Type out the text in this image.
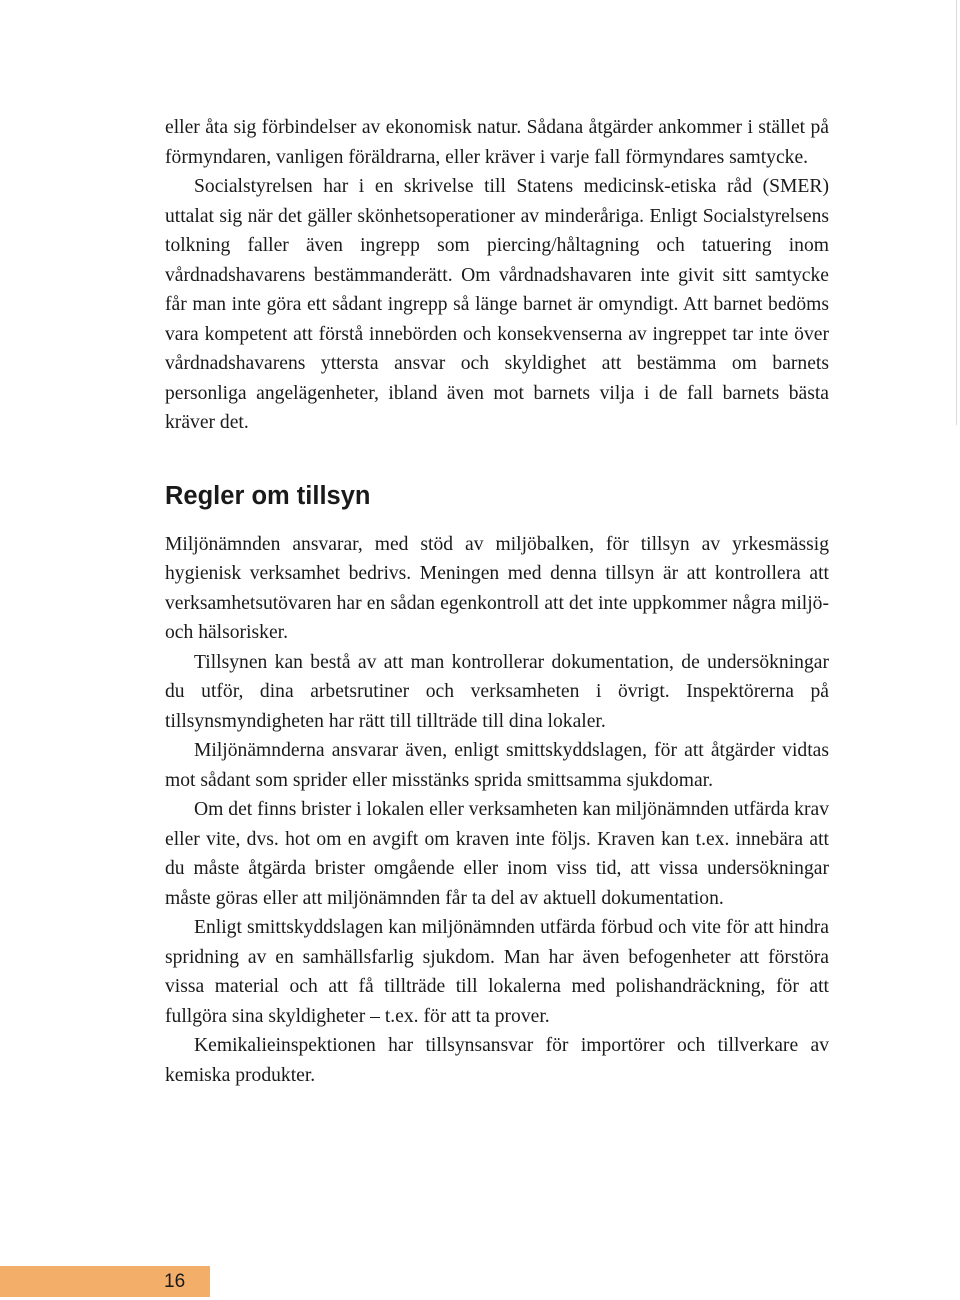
eller åta sig förbindelser av ekonomisk natur. Sådana åtgärder ankommer i stället på förmyndaren, vanligen föräldrarna, eller kräver i varje fall förmyndares samtycke.

Socialstyrelsen har i en skrivelse till Statens medicinsk-etiska råd (SMER) uttalat sig när det gäller skönhetsoperationer av minderåriga. Enligt Socialstyrelsens tolkning faller även ingrepp som piercing/håltagning och tatuering inom vårdnadshavarens bestämmanderätt. Om vårdnadshavaren inte givit sitt samtycke får man inte göra ett sådant ingrepp så länge barnet är omyndigt. Att barnet bedöms vara kompetent att förstå innebörden och konsekvenserna av ingreppet tar inte över vårdnadshavarens yttersta ansvar och skyldighet att bestämma om barnets personliga angelägenheter, ibland även mot barnets vilja i de fall barnets bästa kräver det.

Regler om tillsyn

Miljönämnden ansvarar, med stöd av miljöbalken, för tillsyn av yrkesmässig hygienisk verksamhet bedrivs. Meningen med denna tillsyn är att kontrollera att verksamhetsutövaren har en sådan egenkontroll att det inte uppkommer några miljö- och hälsorisker.

Tillsynen kan bestå av att man kontrollerar dokumentation, de undersökningar du utför, dina arbetsrutiner och verksamheten i övrigt. Inspektörerna på tillsynsmyndigheten har rätt till tillträde till dina lokaler.

Miljönämnderna ansvarar även, enligt smittskyddslagen, för att åtgärder vidtas mot sådant som sprider eller misstänks sprida smittsamma sjukdomar.

Om det finns brister i lokalen eller verksamheten kan miljönämnden utfärda krav eller vite, dvs. hot om en avgift om kraven inte följs. Kraven kan t.ex. innebära att du måste åtgärda brister omgående eller inom viss tid, att vissa undersökningar måste göras eller att miljönämnden får ta del av aktuell dokumentation.

Enligt smittskyddslagen kan miljönämnden utfärda förbud och vite för att hindra spridning av en samhällsfarlig sjukdom. Man har även befogenheter att förstöra vissa material och att få tillträde till lokalerna med polishandräckning, för att fullgöra sina skyldigheter – t.ex. för att ta prover.

Kemikalieinspektionen har tillsynsansvar för importörer och tillverkare av kemiska produkter.

16
